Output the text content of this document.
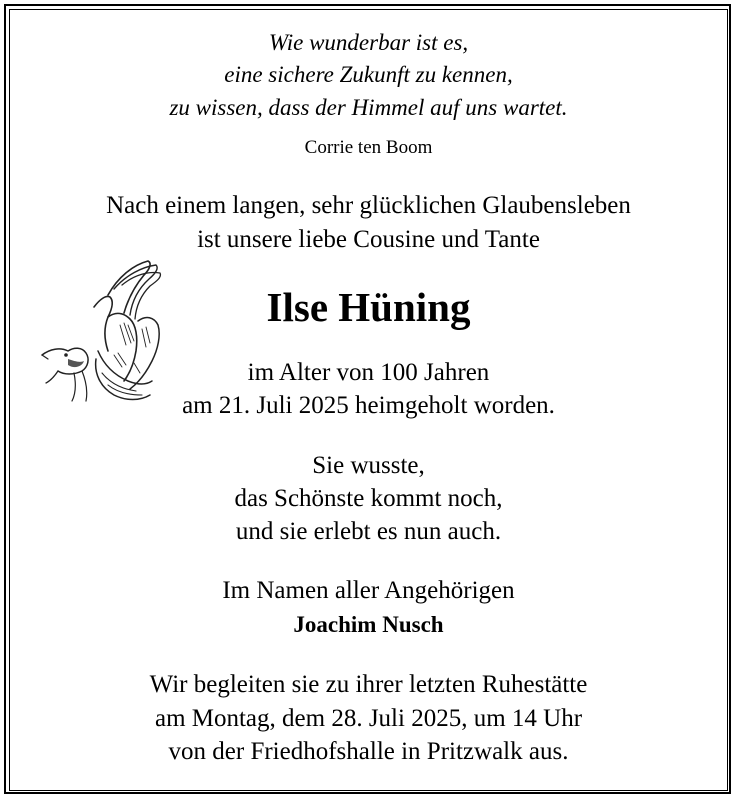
Wie wunderbar ist es,
eine sichere Zukunft zu kennen,
zu wissen, dass der Himmel auf uns wartet.
Corrie ten Boom
Nach einem langen, sehr glücklichen Glaubensleben
ist unsere liebe Cousine und Tante
Ilse Hüning
im Alter von 100 Jahren
am 21. Juli 2025 heimgeholt worden.
Sie wusste,
das Schönste kommt noch,
und sie erlebt es nun auch.
Im Namen aller Angehörigen
Joachim Nusch
Wir begleiten sie zu ihrer letzten Ruhestätte
am Montag, dem 28. Juli 2025, um 14 Uhr
von der Friedhofshalle in Pritzwalk aus.
